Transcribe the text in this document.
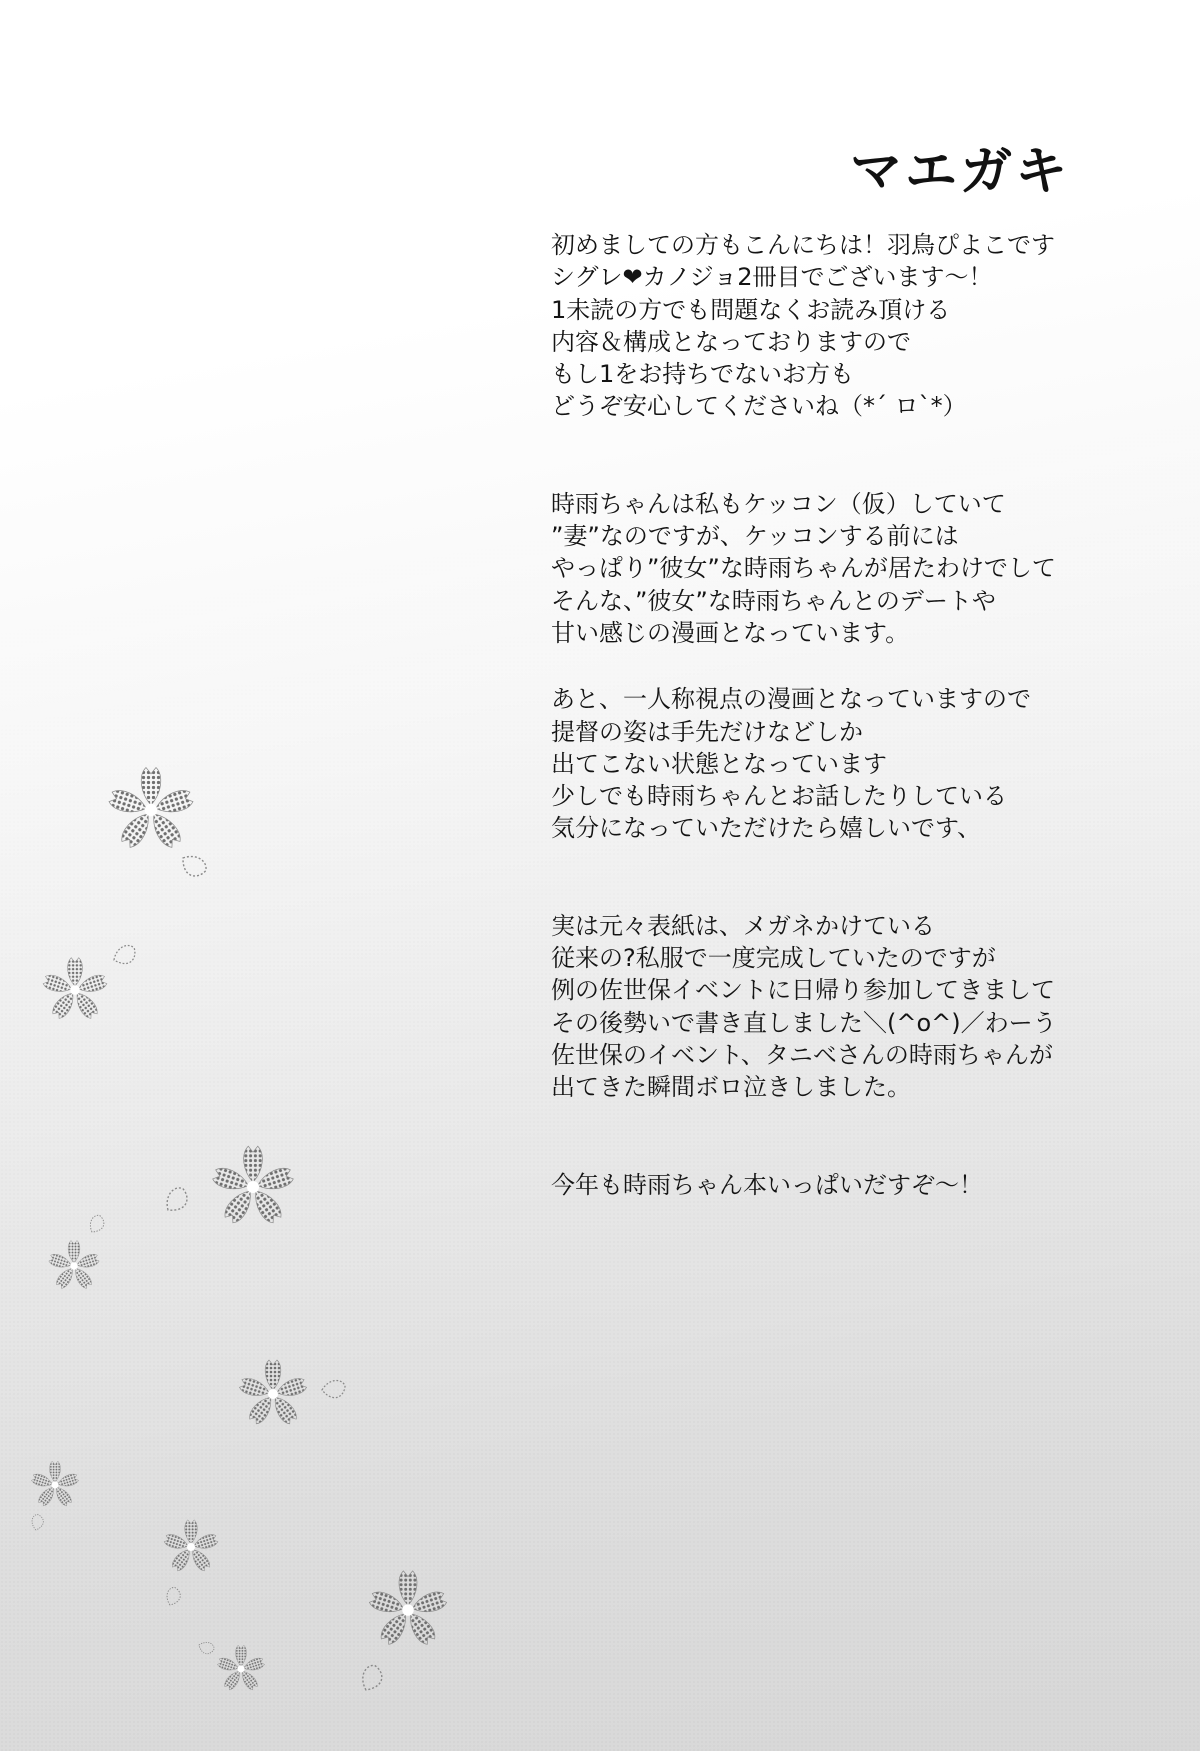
マエガキ

初めましての方もこんにちは！羽鳥ぴよこです
シグレ❤カノジョ2冊目でございます〜！
1未読の方でも問題なくお読み頂ける
内容＆構成となっておりますので
もし1をお持ちでないお方も
どうぞ安心してくださいね（*´ ロ`*）

時雨ちゃんは私もケッコン（仮）していて
”妻”なのですが、ケッコンする前には
やっぱり”彼女”な時雨ちゃんが居たわけでして
そんな、”彼女”な時雨ちゃんとのデートや
甘い感じの漫画となっています。

あと、一人称視点の漫画となっていますので
提督の姿は手先だけなどしか
出てこない状態となっています
少しでも時雨ちゃんとお話したりしている
気分になっていただけたら嬉しいです、

実は元々表紙は、メガネかけている
従来の?私服で一度完成していたのですが
例の佐世保イベントに日帰り参加してきまして
その後勢いで書き直しました＼(^o^)／わーう
佐世保のイベント、タニベさんの時雨ちゃんが
出てきた瞬間ボロ泣きしました。

今年も時雨ちゃん本いっぱいだすぞ〜！
